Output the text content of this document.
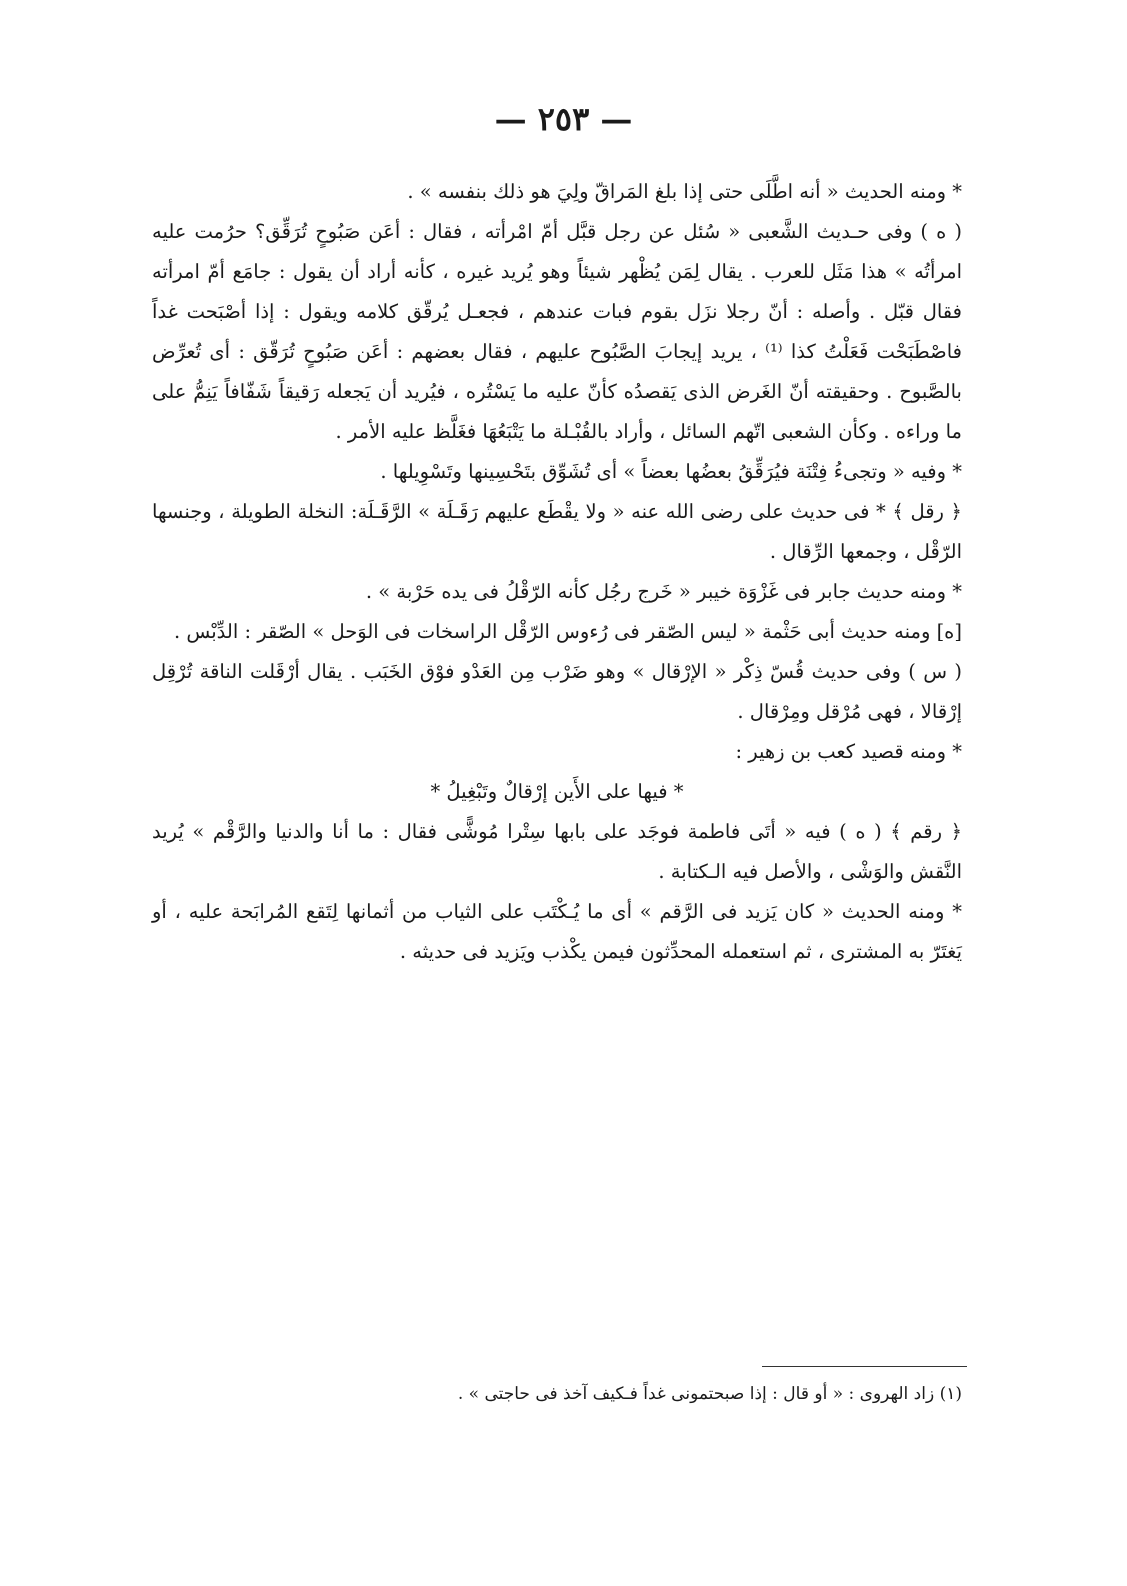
— ٢٥٣ —

* ومنه الحديث « أنه اطَّلَى حتى إذا بلغ المَراقّ ولِيَ هو ذلك بنفسه » .

( ه ) وفى حـديث الشَّعبى « سُئل عن رجل قبَّل أمّ امْرأته ، فقال : أعَن صَبُوحٍ تُرَقِّق؟ حرُمت عليه امرأتُه » هذا مَثَل للعرب . يقال لِمَن يُظْهر شيئاً وهو يُريد غيره ، كأنه أراد أن يقول : جامَع أمّ امرأته فقال قبّل . وأصله : أنّ رجلا نزَل بقوم فبات عندهم ، فجعـل يُرقّق كلامه ويقول : إذا أصْبَحت غداً فاصْطَبَحْت فَعَلْتُ كذا ⁽¹⁾ ، يريد إيجابَ الصَّبُوح عليهم ، فقال بعضهم : أعَن صَبُوحٍ تُرَقّق : أى تُعرِّض بالصَّبوح . وحقيقته أنّ الغَرض الذى يَقصدُه كأنّ عليه ما يَسْتُره ، فيُريد أن يَجعله رَقيقاً شَفّافاً يَنِمُّ على ما وراءه . وكأن الشعبى اتّهم السائل ، وأراد بالقُبْـلة ما يَتْبَعُهَا فغَلَّظ عليه الأمر .

* وفيه « وتجىءُ فِتْنَة فيُرَقِّقُ بعضُها بعضاً » أى تُشَوِّق بتَحْسِينها وتَسْوِيلها .

﴿ رقل ﴾ * فى حديث على رضى الله عنه « ولا يقْطَع عليهم رَقَـلَة » الرَّقَـلَة: النخلة الطويلة ، وجنسها الرّقْل ، وجمعها الرِّقال .

* ومنه حديث جابر فى غَزْوَة خيبر « خَرج رجُل كأنه الرّقْلُ فى يده حَرْبة » .

[ه] ومنه حديث أبى حَثْمة « ليس الصّقر فى رُءوس الرّقْل الراسخات فى الوَحل » الصّقر : الدِّبْس .

( س ) وفى حديث قُسّ ذِكْر « الإرْقال » وهو ضَرْب مِن العَدْو فوْق الخَبَب . يقال أرْقَلت الناقة تُرْقِل إرْقالا ، فهى مُرْقل ومِرْقال .

* ومنه قصيد كعب بن زهير :

* فيها على الأَين إرْقالٌ وتَبْغِيلُ *

﴿ رقم ﴾ ( ه ) فيه « أتَى فاطمة فوجَد على بابها سِتْرا مُوشًّى فقال : ما أنا والدنيا والرَّقْم » يُريد النَّقش والوَشْى ، والأصل فيه الـكتابة .

* ومنه الحديث « كان يَزيد فى الرَّقم » أى ما يُـكْتَب على الثياب من أثمانها لِتَقع المُرابَحة عليه ، أو يَغتَرّ به المشترى ، ثم استعمله المحدِّثون فيمن يكْذب ويَزيد فى حديثه .

(١) زاد الهروى : « أو قال : إذا صبحتمونى غداً فـكيف آخذ فى حاجتى » .
